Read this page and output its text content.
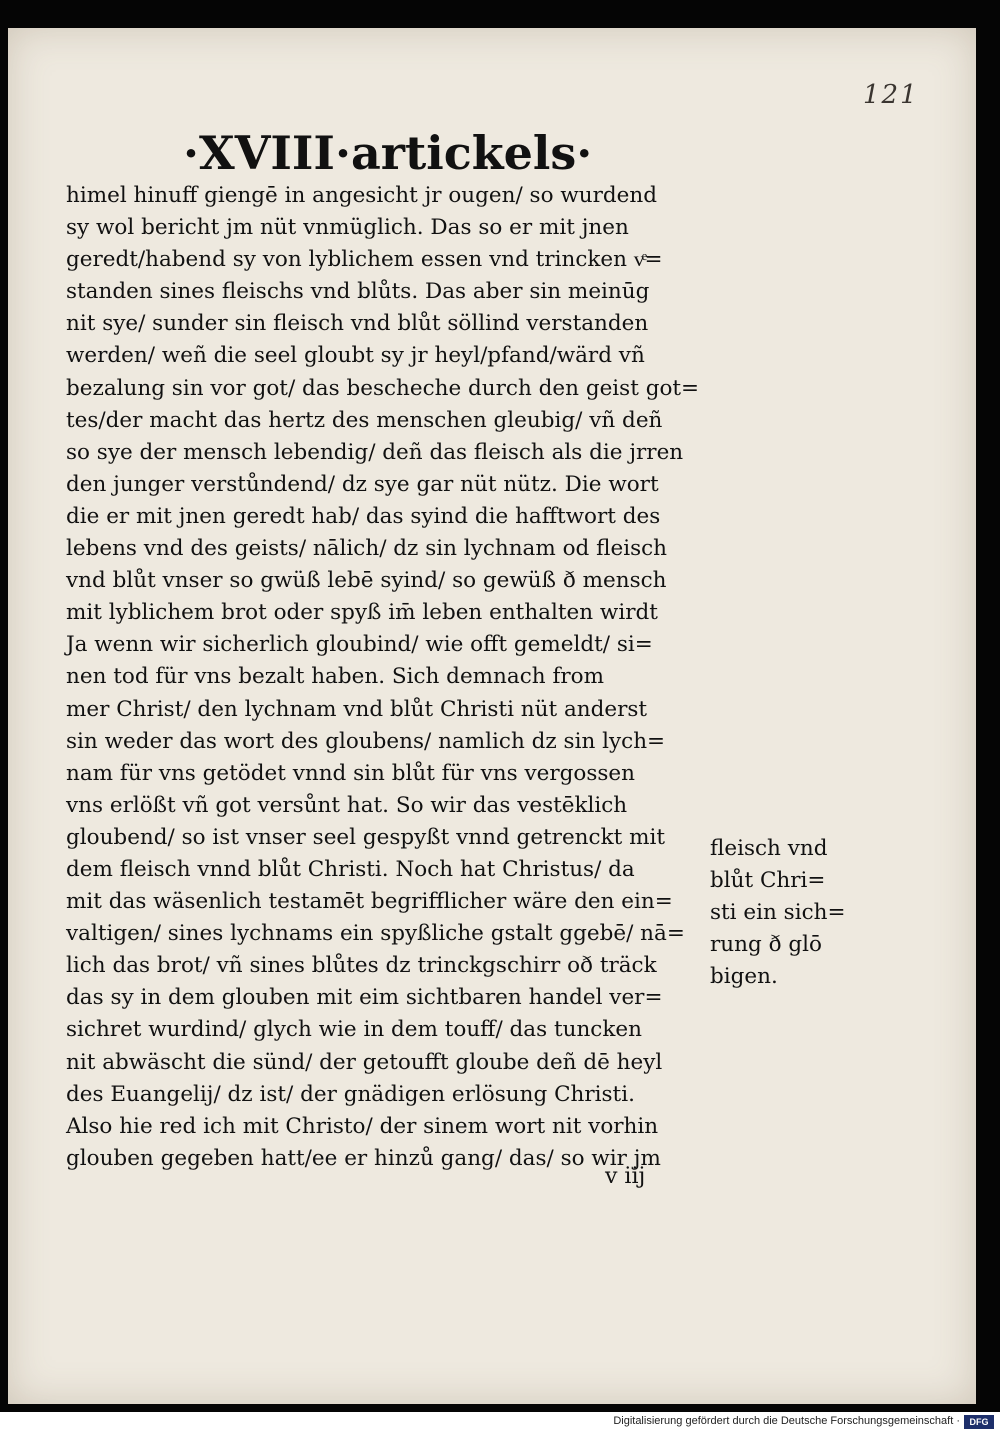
121
·XVIII·artickels·
himel hinuff giengē in angesicht jr ougen/ so wurdend
sy wol bericht jm nüt vnmüglich. Das so er mit jnen
geredt/habend sy von lyblichem essen vnd trincken vͤ=
standen sines fleischs vnd blůts. Das aber sin meinūg
nit sye/ sunder sin fleisch vnd blůt söllind verstanden
werden/ weñ die seel gloubt sy jr heyl/pfand/wärd vñ
bezalung sin vor got/ das bescheche durch den geist got=
tes/der macht das hertz des menschen gleubig/ vñ deñ
so sye der mensch lebendig/ deñ das fleisch als die jrren
den junger verstůndend/ dz sye gar nüt nütz. Die wort
die er mit jnen geredt hab/ das syind die hafftwort des
lebens vnd des geists/ nālich/ dz sin lychnam od fleisch
vnd blůt vnser so gwüß lebē syind/ so gewüß ð mensch
mit lyblichem brot oder spyß im̄ leben enthalten wirdt
Ja wenn wir sicherlich gloubind/ wie offt gemeldt/ si=
nen tod für vns bezalt haben. Sich demnach from
mer Christ/ den lychnam vnd blůt Christi nüt anderst
sin weder das wort des gloubens/ namlich dz sin lych=
nam für vns getödet vnnd sin blůt für vns vergossen
vns erlößt vñ got versůnt hat. So wir das vestēklich
gloubend/ so ist vnser seel gespyßt vnnd getrenckt mit
dem fleisch vnnd blůt Christi. Noch hat Christus/ da
mit das wäsenlich testamēt begrifflicher wäre den ein=
valtigen/ sines lychnams ein spyßliche gstalt ggebē/ nā=
lich das brot/ vñ sines blůtes dz trinckgschirr oð träck
das sy in dem glouben mit eim sichtbaren handel ver=
sichret wurdind/ glych wie in dem touff/ das tuncken
nit abwäscht die sünd/ der getoufft gloube deñ dē heyl
des Euangelij/ dz ist/ der gnädigen erlösung Christi.
Also hie red ich mit Christo/ der sinem wort nit vorhin
glouben gegeben hatt/ee er hinzů gang/ das/ so wir jm
fleisch vnd
blůt Chri=
sti ein sich=
rung ð glō
bigen.
v iij
Digitalisierung gefördert durch die Deutsche Forschungsgemeinschaft ·	DFG
